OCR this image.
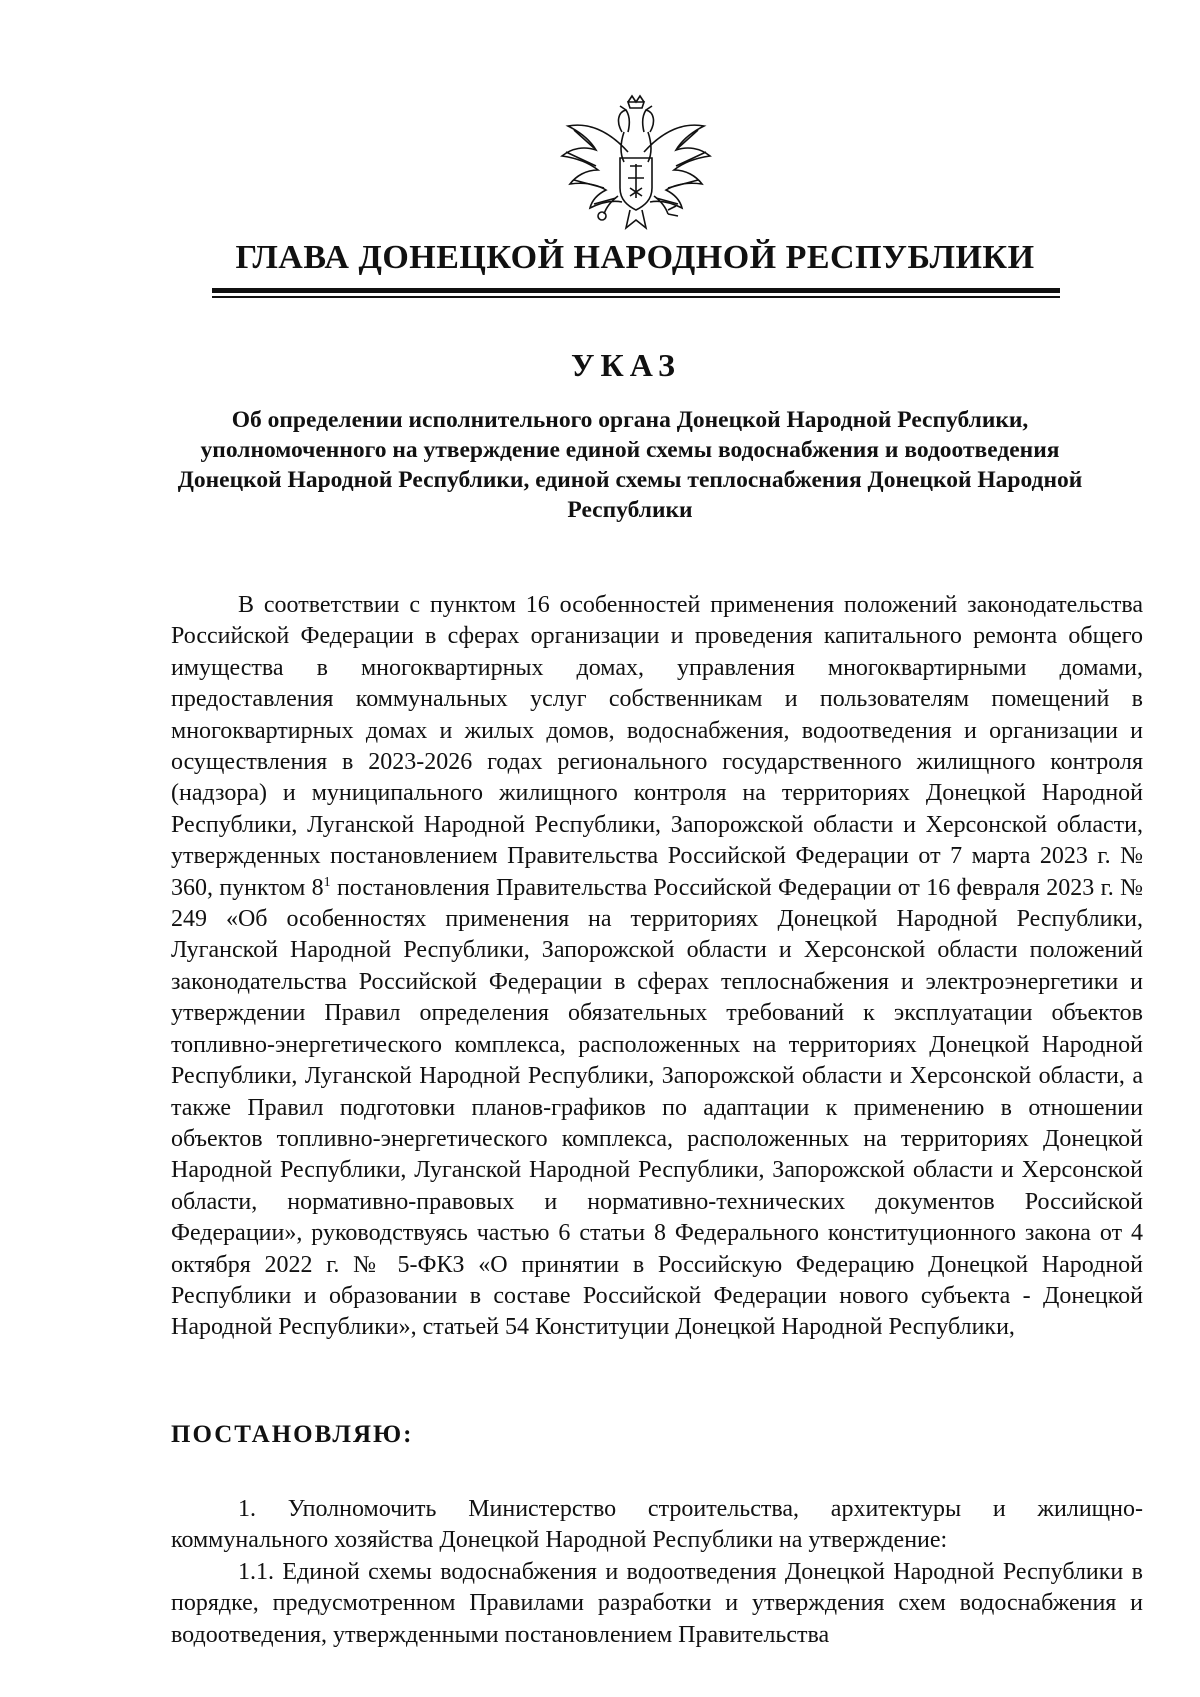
ГЛАВА ДОНЕЦКОЙ НАРОДНОЙ РЕСПУБЛИКИ
УКАЗ
Об определении исполнительного органа Донецкой Народной Республики, уполномоченного на утверждение единой схемы водоснабжения и водоотведения Донецкой Народной Республики, единой схемы теплоснабжения Донецкой Народной Республики

В соответствии с пунктом 16 особенностей применения положений законодательства Российской Федерации в сферах организации и проведения капитального ремонта общего имущества в многоквартирных домах, управления многоквартирными домами, предоставления коммунальных услуг собственникам и пользователям помещений в многоквартирных домах и жилых домов, водоснабжения, водоотведения и организации и осуществления в 2023-2026 годах регионального государственного жилищного контроля (надзора) и муниципального жилищного контроля на территориях Донецкой Народной Республики, Луганской Народной Республики, Запорожской области и Херсонской области, утвержденных постановлением Правительства Российской Федерации от 7 марта 2023 г. № 360, пунктом $8^1$ постановления Правительства Российской Федерации от 16 февраля 2023 г. № 249 «Об особенностях применения на территориях Донецкой Народной Республики, Луганской Народной Республики, Запорожской области и Херсонской области положений законодательства Российской Федерации в сферах теплоснабжения и электроэнергетики и утверждении Правил определения обязательных требований к эксплуатации объектов топливно-энергетического комплекса, расположенных на территориях Донецкой Народной Республики, Луганской Народной Республики, Запорожской области и Херсонской области, а также Правил подготовки планов-графиков по адаптации к применению в отношении объектов топливно-энергетического комплекса, расположенных на территориях Донецкой Народной Республики, Луганской Народной Республики, Запорожской области и Херсонской области, нормативно-правовых и нормативно-технических документов Российской Федерации», руководствуясь частью 6 статьи 8 Федерального конституционного закона от 4 октября 2022 г. № 5-ФКЗ «О принятии в Российскую Федерацию Донецкой Народной Республики и образовании в составе Российской Федерации нового субъекта - Донецкой Народной Республики», статьей 54 Конституции Донецкой Народной Республики,

ПОСТАНОВЛЯЮ:

1. Уполномочить Министерство строительства, архитектуры и жилищно-коммунального хозяйства Донецкой Народной Республики на утверждение:

1.1. Единой схемы водоснабжения и водоотведения Донецкой Народной Республики в порядке, предусмотренном Правилами разработки и утверждения схем водоснабжения и водоотведения, утвержденными постановлением Правительства
